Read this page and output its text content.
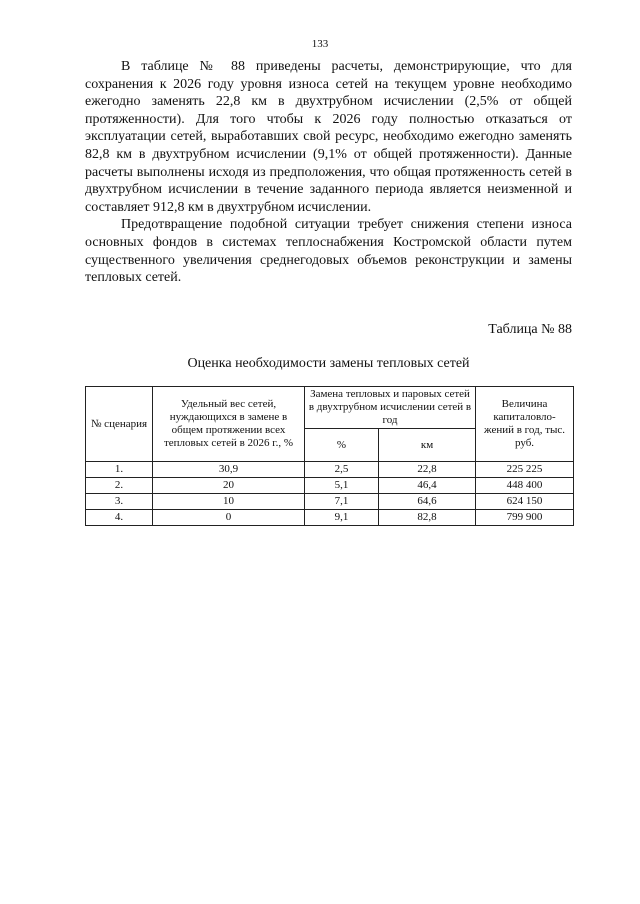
133

В таблице № 88 приведены расчеты, демонстрирующие, что для сохранения к 2026 году уровня износа сетей на текущем уровне необходимо ежегодно заменять 22,8 км в двухтрубном исчислении (2,5% от общей протяженности). Для того чтобы к 2026 году полностью отказаться от эксплуатации сетей, выработавших свой ресурс, необходимо ежегодно заменять 82,8 км в двухтрубном исчислении (9,1% от общей протяженности). Данные расчеты выполнены исходя из предположения, что общая протяженность сетей в двухтрубном исчислении в течение заданного периода является неизменной и составляет 912,8 км в двухтрубном исчислении.

Предотвращение подобной ситуации требует снижения степени износа основных фондов в системах теплоснабжения Костромской области путем существенного увеличения среднегодовых объемов реконструкции и замены тепловых сетей.

Таблица № 88
Оценка необходимости замены тепловых сетей
№ сценария	Удельный вес сетей, нуждающихся в замене в общем протяжении всех тепловых сетей в 2026 г., %	Замена тепловых и паровых сетей в двухтрубном исчислении сетей в год		Величина капиталовло-жений в год, тыс. руб.
		%	км	
1.	30,9	2,5	22,8	225 225
2.	20	5,1	46,4	448 400
3.	10	7,1	64,6	624 150
4.	0	9,1	82,8	799 900
